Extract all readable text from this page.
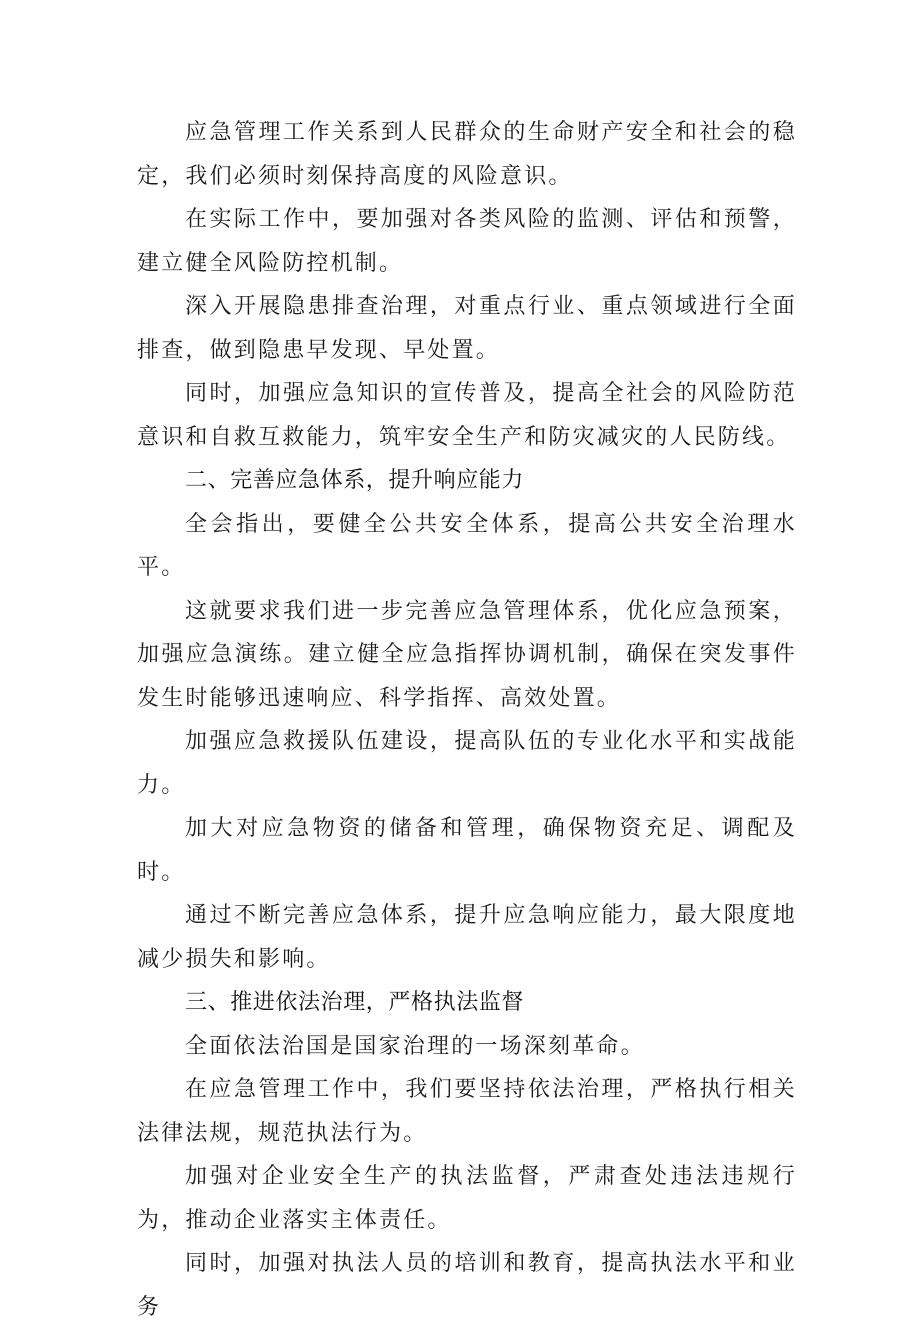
应急管理工作关系到人民群众的生命财产安全和社会的稳定，我们必须时刻保持高度的风险意识。

在实际工作中，要加强对各类风险的监测、评估和预警，建立健全风险防控机制。

深入开展隐患排查治理，对重点行业、重点领域进行全面排查，做到隐患早发现、早处置。

同时，加强应急知识的宣传普及，提高全社会的风险防范意识和自救互救能力，筑牢安全生产和防灾减灾的人民防线。

二、完善应急体系，提升响应能力

全会指出，要健全公共安全体系，提高公共安全治理水平。

这就要求我们进一步完善应急管理体系，优化应急预案，加强应急演练。建立健全应急指挥协调机制，确保在突发事件发生时能够迅速响应、科学指挥、高效处置。

加强应急救援队伍建设，提高队伍的专业化水平和实战能力。

加大对应急物资的储备和管理，确保物资充足、调配及时。

通过不断完善应急体系，提升应急响应能力，最大限度地减少损失和影响。

三、推进依法治理，严格执法监督

全面依法治国是国家治理的一场深刻革命。

在应急管理工作中，我们要坚持依法治理，严格执行相关法律法规，规范执法行为。

加强对企业安全生产的执法监督，严肃查处违法违规行为，推动企业落实主体责任。

同时，加强对执法人员的培训和教育，提高执法水平和业务
